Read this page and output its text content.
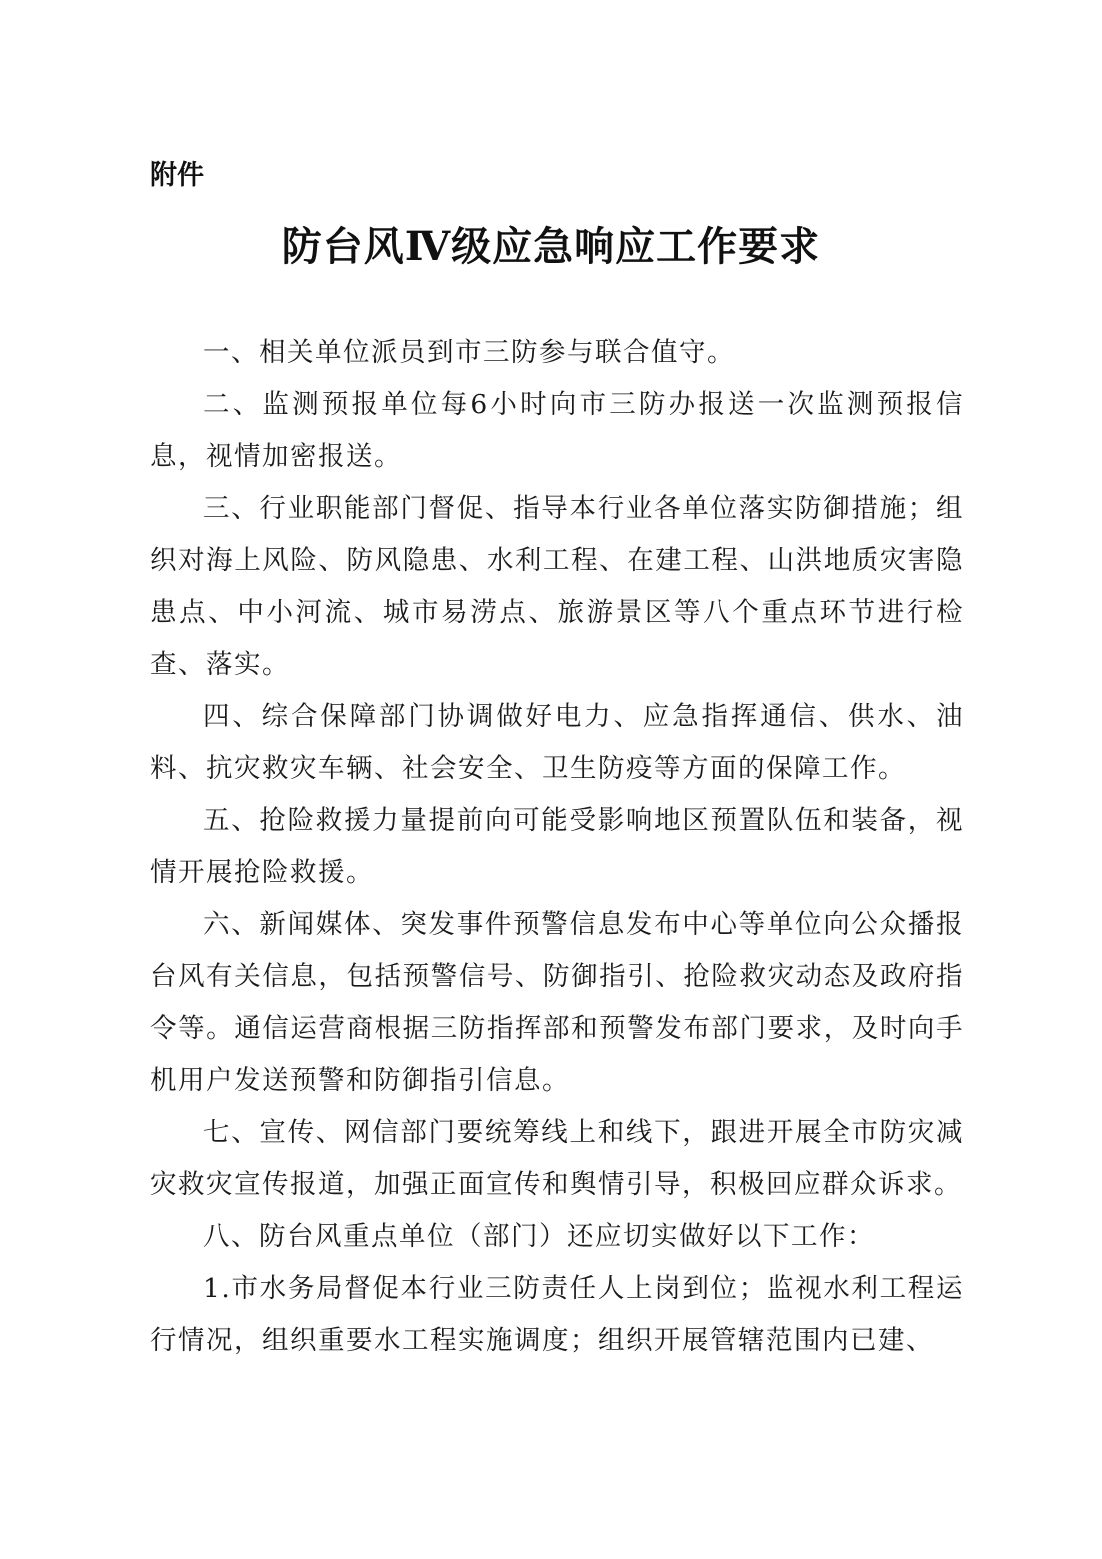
附件
防台风Ⅳ级应急响应工作要求

一、相关单位派员到市三防参与联合值守。

二、监测预报单位每6小时向市三防办报送一次监测预报信息，视情加密报送。

三、行业职能部门督促、指导本行业各单位落实防御措施；组织对海上风险、防风隐患、水利工程、在建工程、山洪地质灾害隐患点、中小河流、城市易涝点、旅游景区等八个重点环节进行检查、落实。

四、综合保障部门协调做好电力、应急指挥通信、供水、油料、抗灾救灾车辆、社会安全、卫生防疫等方面的保障工作。

五、抢险救援力量提前向可能受影响地区预置队伍和装备，视情开展抢险救援。

六、新闻媒体、突发事件预警信息发布中心等单位向公众播报台风有关信息，包括预警信号、防御指引、抢险救灾动态及政府指令等。通信运营商根据三防指挥部和预警发布部门要求，及时向手机用户发送预警和防御指引信息。

七、宣传、网信部门要统筹线上和线下，跟进开展全市防灾减灾救灾宣传报道，加强正面宣传和舆情引导，积极回应群众诉求。

八、防台风重点单位（部门）还应切实做好以下工作：

1.市水务局督促本行业三防责任人上岗到位；监视水利工程运行情况，组织重要水工程实施调度；组织开展管辖范围内已建、
